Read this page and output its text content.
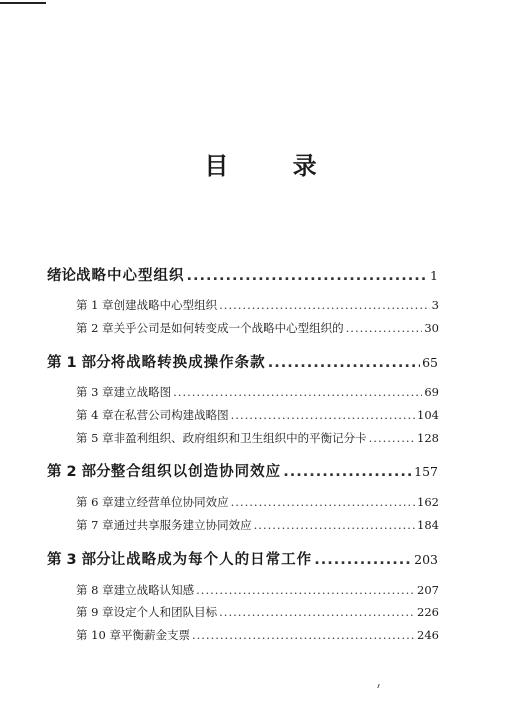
目 录
绪论 战略中心型组织 .....	1
第 1 章 创建战略中心型组织 .....	3
第 2 章 关乎公司是如何转变成一个战略中心型组织的 .....	30
第 1 部分 将战略转换成操作条款 .....	65
第 3 章 建立战略图 .....	69
第 4 章 在私营公司构建战略图 .....	104
第 5 章 非盈利组织、政府组织和卫生组织中的平衡记分卡 .....	128
第 2 部分 整合组织以创造协同效应 .....	157
第 6 章 建立经营单位协同效应 .....	162
第 7 章 通过共享服务建立协同效应 .....	184
第 3 部分 让战略成为每个人的日常工作 .....	203
第 8 章 建立战略认知感 .....	207
第 9 章 设定个人和团队目标 .....	226
第 10 章 平衡薪金支票 .....	246
